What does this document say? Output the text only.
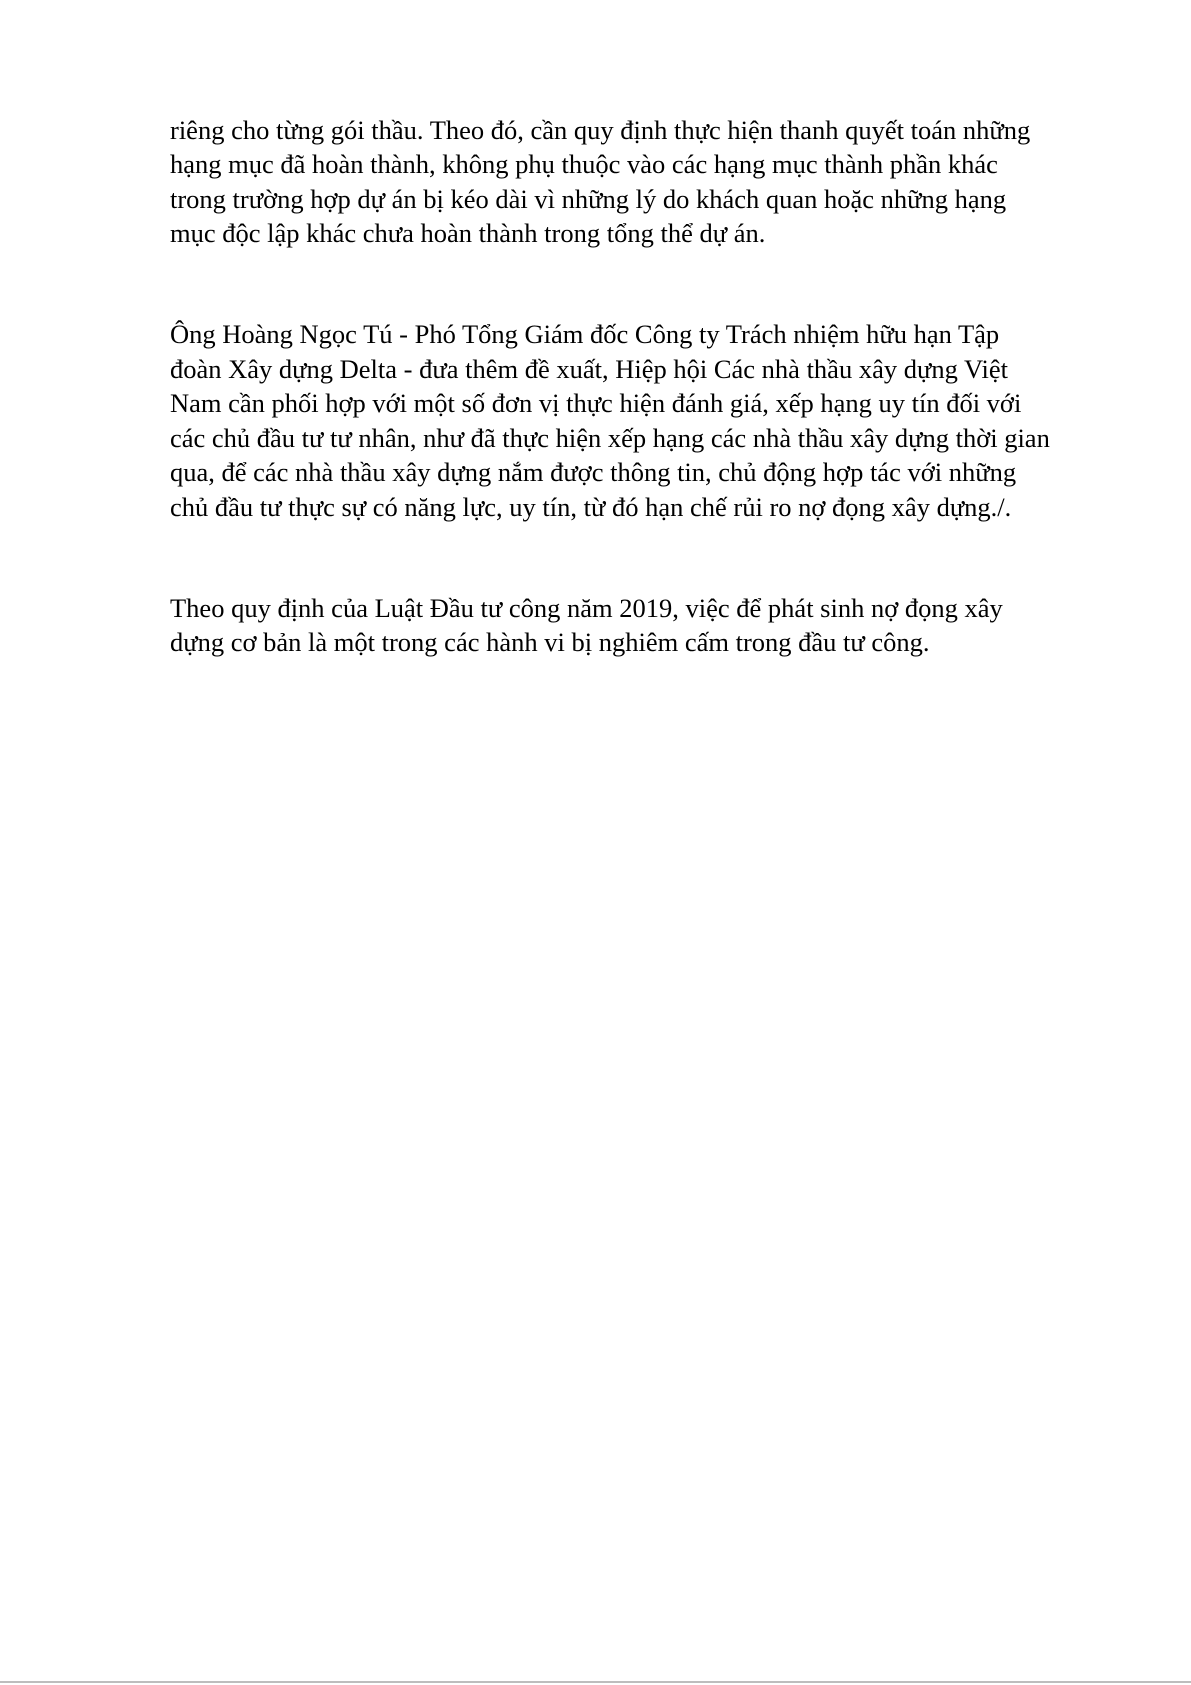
riêng cho từng gói thầu. Theo đó, cần quy định thực hiện thanh quyết toán những
hạng mục đã hoàn thành, không phụ thuộc vào các hạng mục thành phần khác
trong trường hợp dự án bị kéo dài vì những lý do khách quan hoặc những hạng
mục độc lập khác chưa hoàn thành trong tổng thể dự án.
Ông Hoàng Ngọc Tú - Phó Tổng Giám đốc Công ty Trách nhiệm hữu hạn Tập
đoàn Xây dựng Delta - đưa thêm đề xuất, Hiệp hội Các nhà thầu xây dựng Việt
Nam cần phối hợp với một số đơn vị thực hiện đánh giá, xếp hạng uy tín đối với
các chủ đầu tư tư nhân, như đã thực hiện xếp hạng các nhà thầu xây dựng thời gian
qua, để các nhà thầu xây dựng nắm được thông tin, chủ động hợp tác với những
chủ đầu tư thực sự có năng lực, uy tín, từ đó hạn chế rủi ro nợ đọng xây dựng./.
Theo quy định của Luật Đầu tư công năm 2019, việc để phát sinh nợ đọng xây
dựng cơ bản là một trong các hành vi bị nghiêm cấm trong đầu tư công.
